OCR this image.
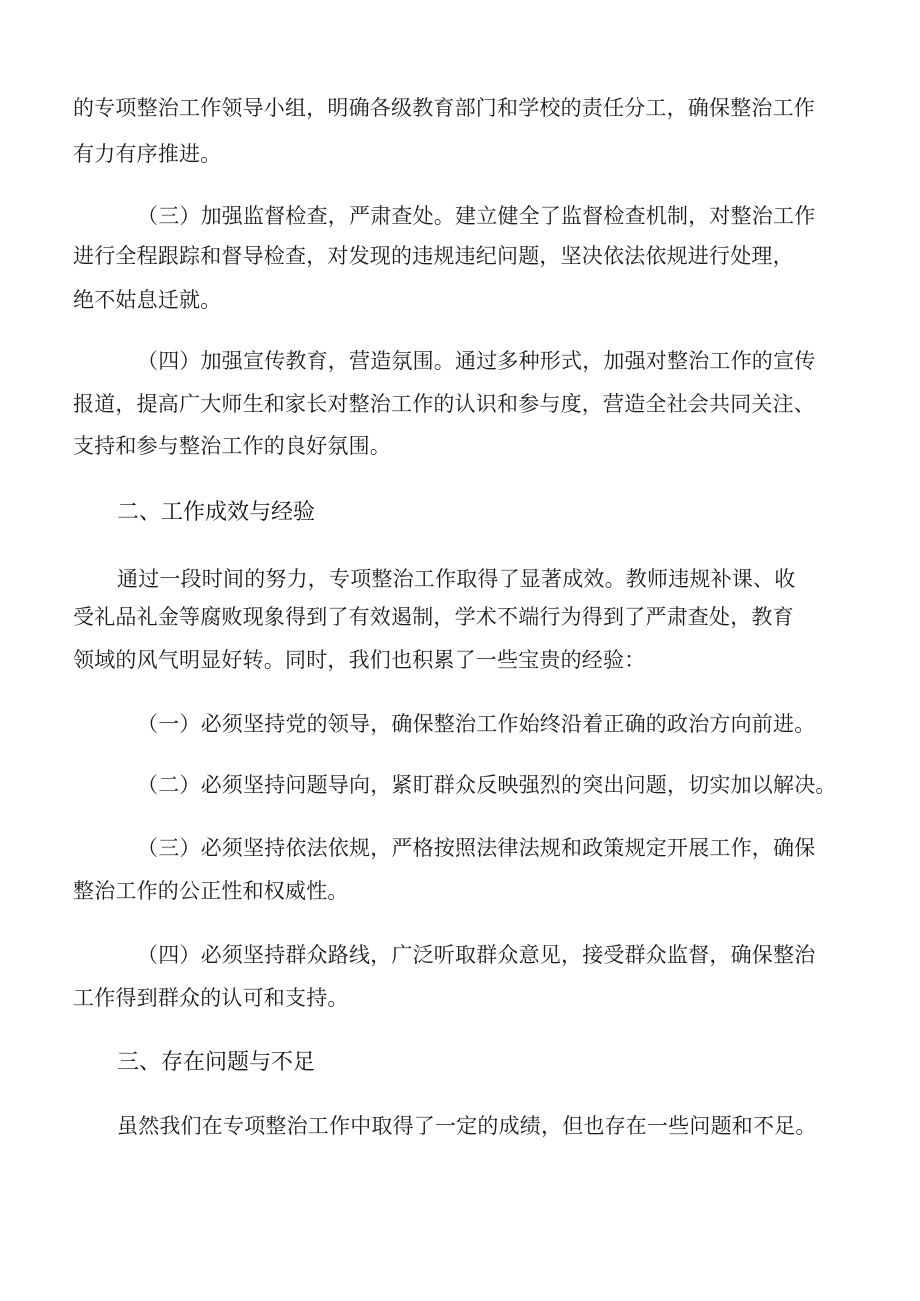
的专项整治工作领导小组，明确各级教育部门和学校的责任分工，确保整治工作
有力有序推进。
（三）加强监督检查，严肃查处。建立健全了监督检查机制，对整治工作
进行全程跟踪和督导检查，对发现的违规违纪问题，坚决依法依规进行处理，
绝不姑息迁就。
（四）加强宣传教育，营造氛围。通过多种形式，加强对整治工作的宣传
报道，提高广大师生和家长对整治工作的认识和参与度，营造全社会共同关注、
支持和参与整治工作的良好氛围。
二、工作成效与经验
通过一段时间的努力，专项整治工作取得了显著成效。教师违规补课、收
受礼品礼金等腐败现象得到了有效遏制，学术不端行为得到了严肃查处，教育
领域的风气明显好转。同时，我们也积累了一些宝贵的经验：
（一）必须坚持党的领导，确保整治工作始终沿着正确的政治方向前进。
（二）必须坚持问题导向，紧盯群众反映强烈的突出问题，切实加以解决。
（三）必须坚持依法依规，严格按照法律法规和政策规定开展工作，确保
整治工作的公正性和权威性。
（四）必须坚持群众路线，广泛听取群众意见，接受群众监督，确保整治
工作得到群众的认可和支持。
三、存在问题与不足
虽然我们在专项整治工作中取得了一定的成绩，但也存在一些问题和不足。
